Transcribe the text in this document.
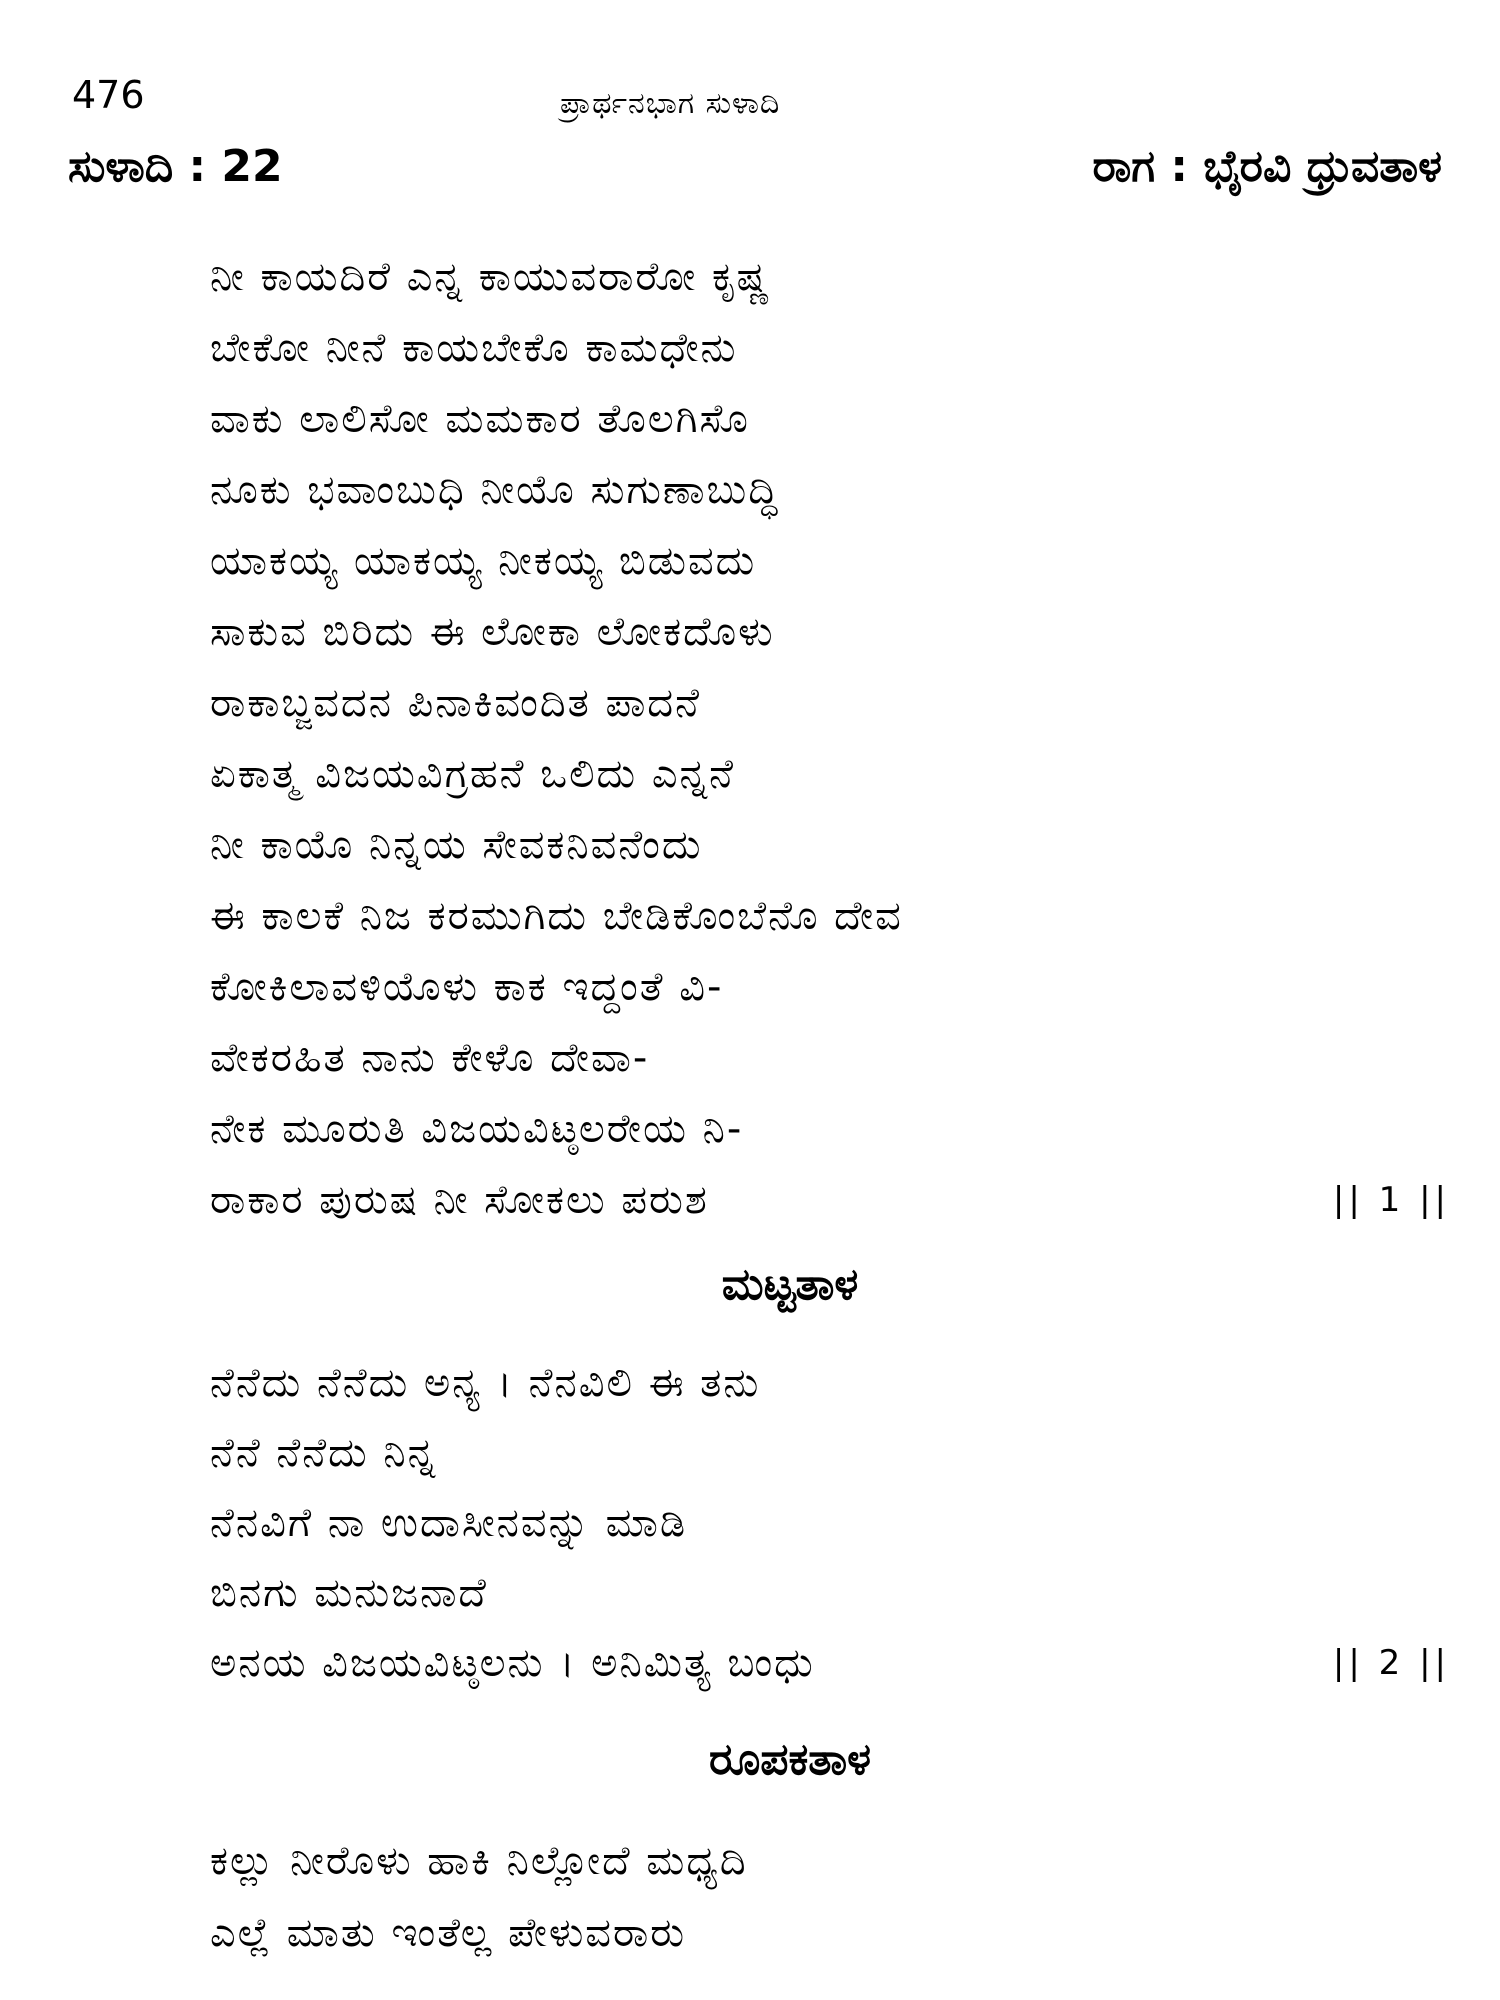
476	ಪ್ರಾರ್ಥನಭಾಗ ಸುಳಾದಿ
ಸುಳಾದಿ : 22	ರಾಗ : ಭೈರವಿ ಧ್ರುವತಾಳ
ನೀ ಕಾಯದಿರೆ ಎನ್ನ ಕಾಯುವರಾರೋ ಕೃಷ್ಣ
ಬೇಕೋ ನೀನೆ ಕಾಯಬೇಕೊ ಕಾಮಧೇನು
ವಾಕು ಲಾಲಿಸೋ ಮಮಕಾರ ತೊಲಗಿಸೊ
ನೂಕು ಭವಾಂಬುಧಿ ನೀಯೊ ಸುಗುಣಾಬುದ್ಧಿ
ಯಾಕಯ್ಯ ಯಾಕಯ್ಯ ನೀಕಯ್ಯ ಬಿಡುವದು
ಸಾಕುವ ಬಿರಿದು ಈ ಲೋಕಾ ಲೋಕದೊಳು
ರಾಕಾಬ್ಜವದನ ಪಿನಾಕಿವಂದಿತ ಪಾದನೆ
ಏಕಾತ್ಮ ವಿಜಯವಿಗ್ರಹನೆ ಒಲಿದು ಎನ್ನನೆ
ನೀ ಕಾಯೊ ನಿನ್ನಯ ಸೇವಕನಿವನೆಂದು
ಈ ಕಾಲಕೆ ನಿಜ ಕರಮುಗಿದು ಬೇಡಿಕೊಂಬೆನೊ ದೇವ
ಕೋಕಿಲಾವಳಿಯೊಳು ಕಾಕ ಇದ್ದಂತೆ ವಿ-
ವೇಕರಹಿತ ನಾನು ಕೇಳೊ ದೇವಾ-
ನೇಕ ಮೂರುತಿ ವಿಜಯವಿಟ್ಠಲರೇಯ ನಿ-
ರಾಕಾರ ಪುರುಷ ನೀ ಸೋಕಲು ಪರುಶ	|| 1 ||
ಮಟ್ಟತಾಳ
ನೆನೆದು ನೆನೆದು ಅನ್ಯ । ನೆನವಿಲಿ ಈ ತನು
ನೆನೆ ನೆನೆದು ನಿನ್ನ
ನೆನವಿಗೆ ನಾ ಉದಾಸೀನವನ್ನು ಮಾಡಿ
ಬಿನಗು ಮನುಜನಾದೆ
ಅನಯ ವಿಜಯವಿಟ್ಠಲನು । ಅನಿಮಿತ್ಯ ಬಂಧು	|| 2 ||
ರೂಪಕತಾಳ
ಕಲ್ಲು ನೀರೊಳು ಹಾಕಿ ನಿಲ್ಲೋದೆ ಮಧ್ಯದಿ
ಎಲ್ಲೆ ಮಾತು ಇಂತೆಲ್ಲ ಪೇಳುವರಾರು
